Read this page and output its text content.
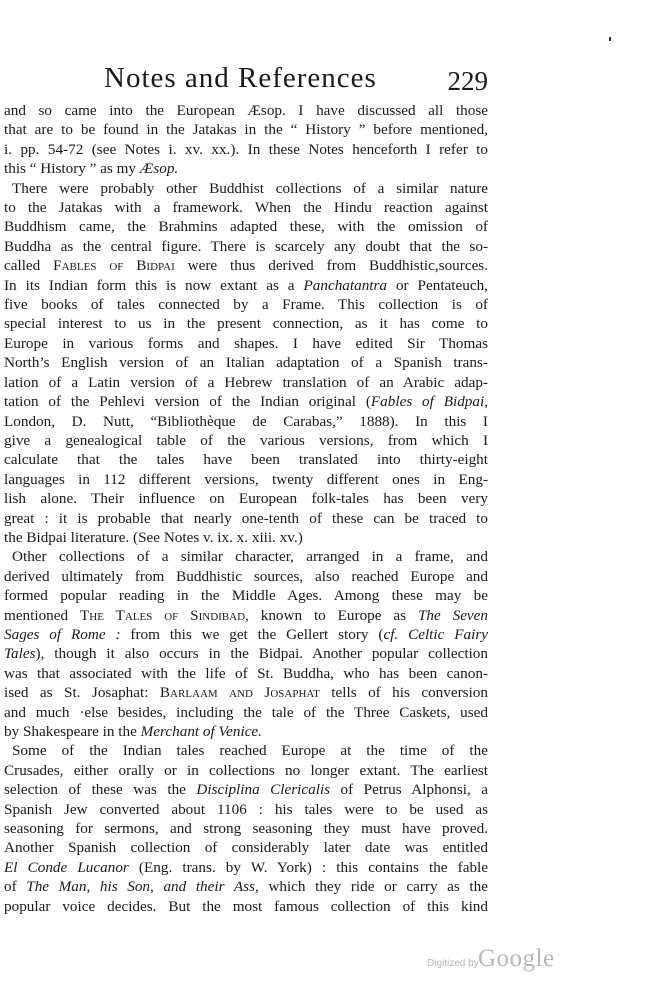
Notes and References	229
and so came into the European Æsop. I have discussed all those
that are to be found in the Jatakas in the “ History ” before mentioned,
i. pp. 54-72 (see Notes i. xv. xx.). In these Notes henceforth I refer to
this “ History ” as my Æsop.
There were probably other Buddhist collections of a similar nature
to the Jatakas with a framework. When the Hindu reaction against
Buddhism came, the Brahmins adapted these, with the omission of
Buddha as the central figure. There is scarcely any doubt that the so-
called Fables of Bidpai were thus derived from Buddhistic,sources.
In its Indian form this is now extant as a Panchatantra or Pentateuch,
five books of tales connected by a Frame. This collection is of
special interest to us in the present connection, as it has come to
Europe in various forms and shapes. I have edited Sir Thomas
North’s English version of an Italian adaptation of a Spanish trans-
lation of a Latin version of a Hebrew translation of an Arabic adap-
tation of the Pehlevi version of the Indian original (Fables of Bidpai,
London, D. Nutt, “Bibliothèque de Carabas,” 1888). In this I
give a genealogical table of the various versions, from which I
calculate that the tales have been translated into thirty-eight
languages in 112 different versions, twenty different ones in Eng-
lish alone. Their influence on European folk-tales has been very
great : it is probable that nearly one-tenth of these can be traced to
the Bidpai literature. (See Notes v. ix. x. xiii. xv.)
Other collections of a similar character, arranged in a frame, and
derived ultimately from Buddhistic sources, also reached Europe and
formed popular reading in the Middle Ages. Among these may be
mentioned The Tales of Sindibad, known to Europe as The Seven
Sages of Rome : from this we get the Gellert story (cf. Celtic Fairy
Tales), though it also occurs in the Bidpai. Another popular collection
was that associated with the life of St. Buddha, who has been canon-
ised as St. Josaphat: Barlaam and Josaphat tells of his conversion
and much ·else besides, including the tale of the Three Caskets, used
by Shakespeare in the Merchant of Venice.
Some of the Indian tales reached Europe at the time of the
Crusades, either orally or in collections no longer extant. The earliest
selection of these was the Disciplina Clericalis of Petrus Alphonsi, a
Spanish Jew converted about 1106 : his tales were to be used as
seasoning for sermons, and strong seasoning they must have proved.
Another Spanish collection of considerably later date was entitled
El Conde Lucanor (Eng. trans. by W. York) : this contains the fable
of The Man, his Son, and their Ass, which they ride or carry as the
popular voice decides. But the most famous collection of this kind
Digitized by Google
